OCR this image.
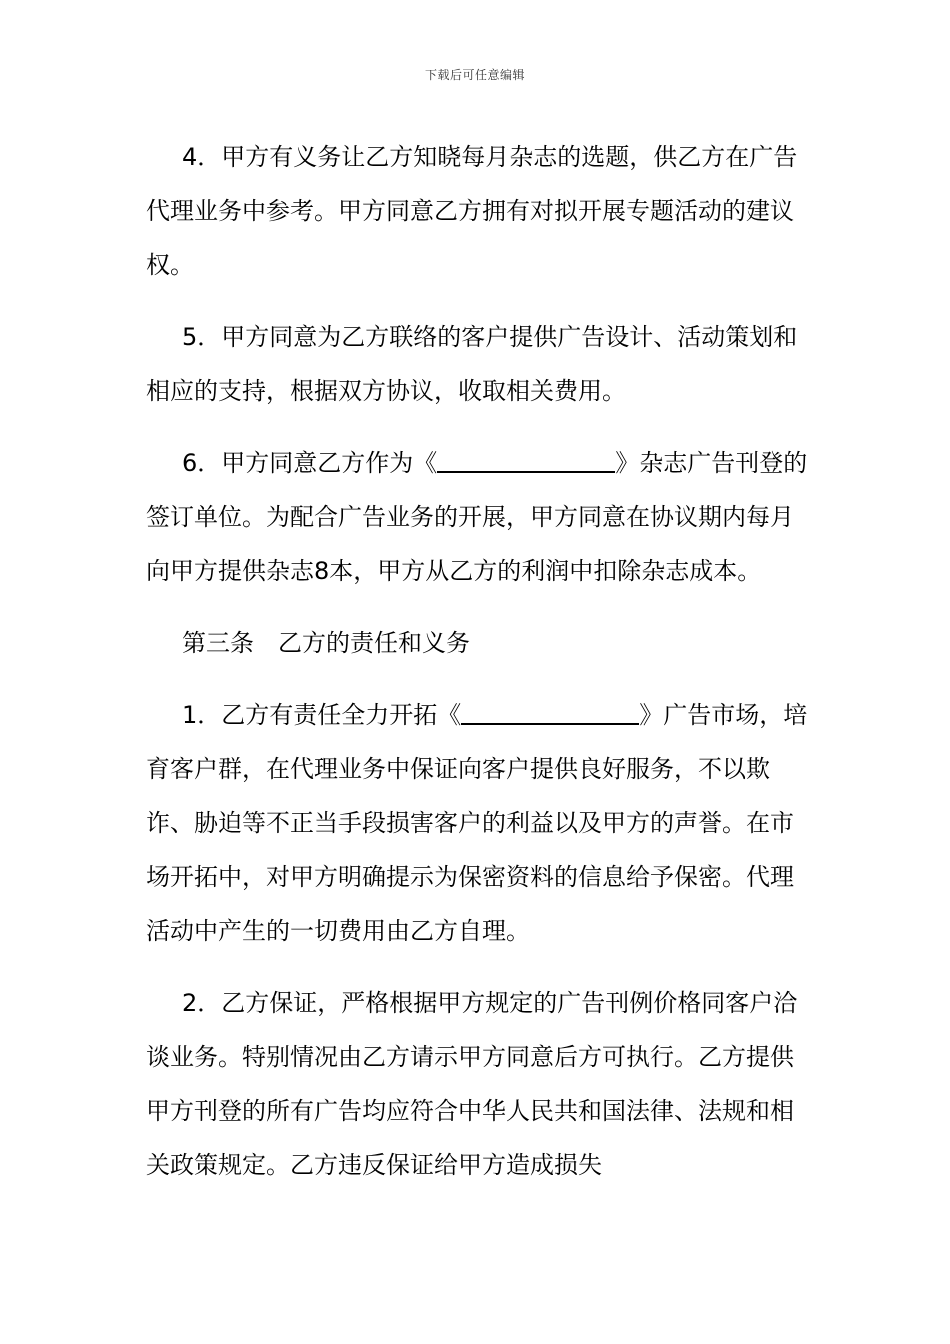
下载后可任意编辑

4．甲方有义务让乙方知晓每月杂志的选题，供乙方在广告代理业务中参考。甲方同意乙方拥有对拟开展专题活动的建议权。

5．甲方同意为乙方联络的客户提供广告设计、活动策划和相应的支持，根据双方协议，收取相关费用。

6．甲方同意乙方作为《	》杂志广告刊登的签订单位。为配合广告业务的开展，甲方同意在协议期内每月向甲方提供杂志8本，甲方从乙方的利润中扣除杂志成本。

第三条　乙方的责任和义务

1．乙方有责任全力开拓《	》广告市场，培育客户群，在代理业务中保证向客户提供良好服务，不以欺诈、胁迫等不正当手段损害客户的利益以及甲方的声誉。在市场开拓中，对甲方明确提示为保密资料的信息给予保密。代理活动中产生的一切费用由乙方自理。

2．乙方保证，严格根据甲方规定的广告刊例价格同客户洽谈业务。特别情况由乙方请示甲方同意后方可执行。乙方提供甲方刊登的所有广告均应符合中华人民共和国法律、法规和相关政策规定。乙方违反保证给甲方造成损失
